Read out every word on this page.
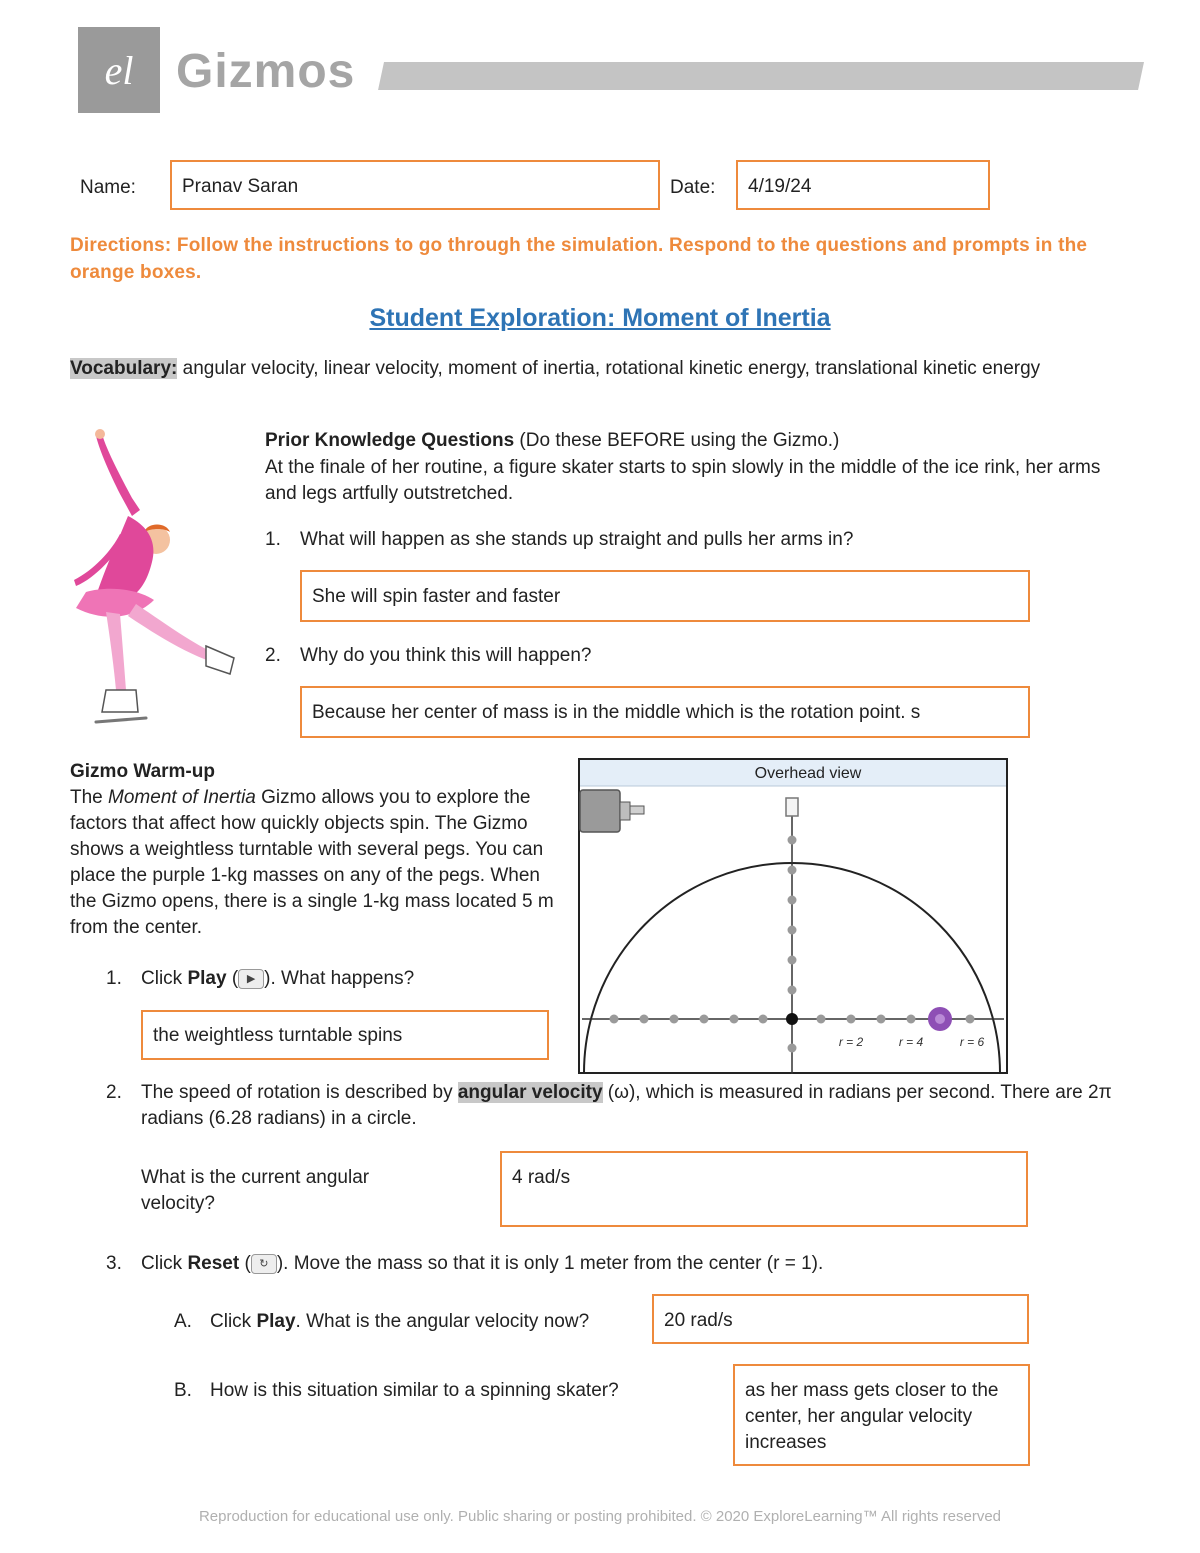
el Gizmos
Name:	Pranav Saran	Date:	4/19/24
Directions: Follow the instructions to go through the simulation. Respond to the questions and prompts in the orange boxes.
Student Exploration: Moment of Inertia
Vocabulary: angular velocity, linear velocity, moment of inertia, rotational kinetic energy, translational kinetic energy
Prior Knowledge Questions (Do these BEFORE using the Gizmo.)
At the finale of her routine, a figure skater starts to spin slowly in the middle of the ice rink, her arms and legs artfully outstretched.
1. What will happen as she stands up straight and pulls her arms in?
She will spin faster and faster
2. Why do you think this will happen?
Because her center of mass is in the middle which is the rotation point. s
Gizmo Warm-up
The Moment of Inertia Gizmo allows you to explore the factors that affect how quickly objects spin. The Gizmo shows a weightless turntable with several pegs. You can place the purple 1-kg masses on any of the pegs. When the Gizmo opens, there is a single 1-kg mass located 5 m from the center.
Overhead view
r = 2	r = 4	r = 6
1. Click Play ( ▶ ). What happens?
the weightless turntable spins
2. The speed of rotation is described by angular velocity (ω), which is measured in radians per second. There are 2π radians (6.28 radians) in a circle.
What is the current angular velocity?
4 rad/s
3. Click Reset ( ↻ ). Move the mass so that it is only 1 meter from the center (r = 1).
A. Click Play. What is the angular velocity now?	20 rad/s
B. How is this situation similar to a spinning skater?	as her mass gets closer to the center, her angular velocity increases
Reproduction for educational use only. Public sharing or posting prohibited. © 2020 ExploreLearning™ All rights reserved
